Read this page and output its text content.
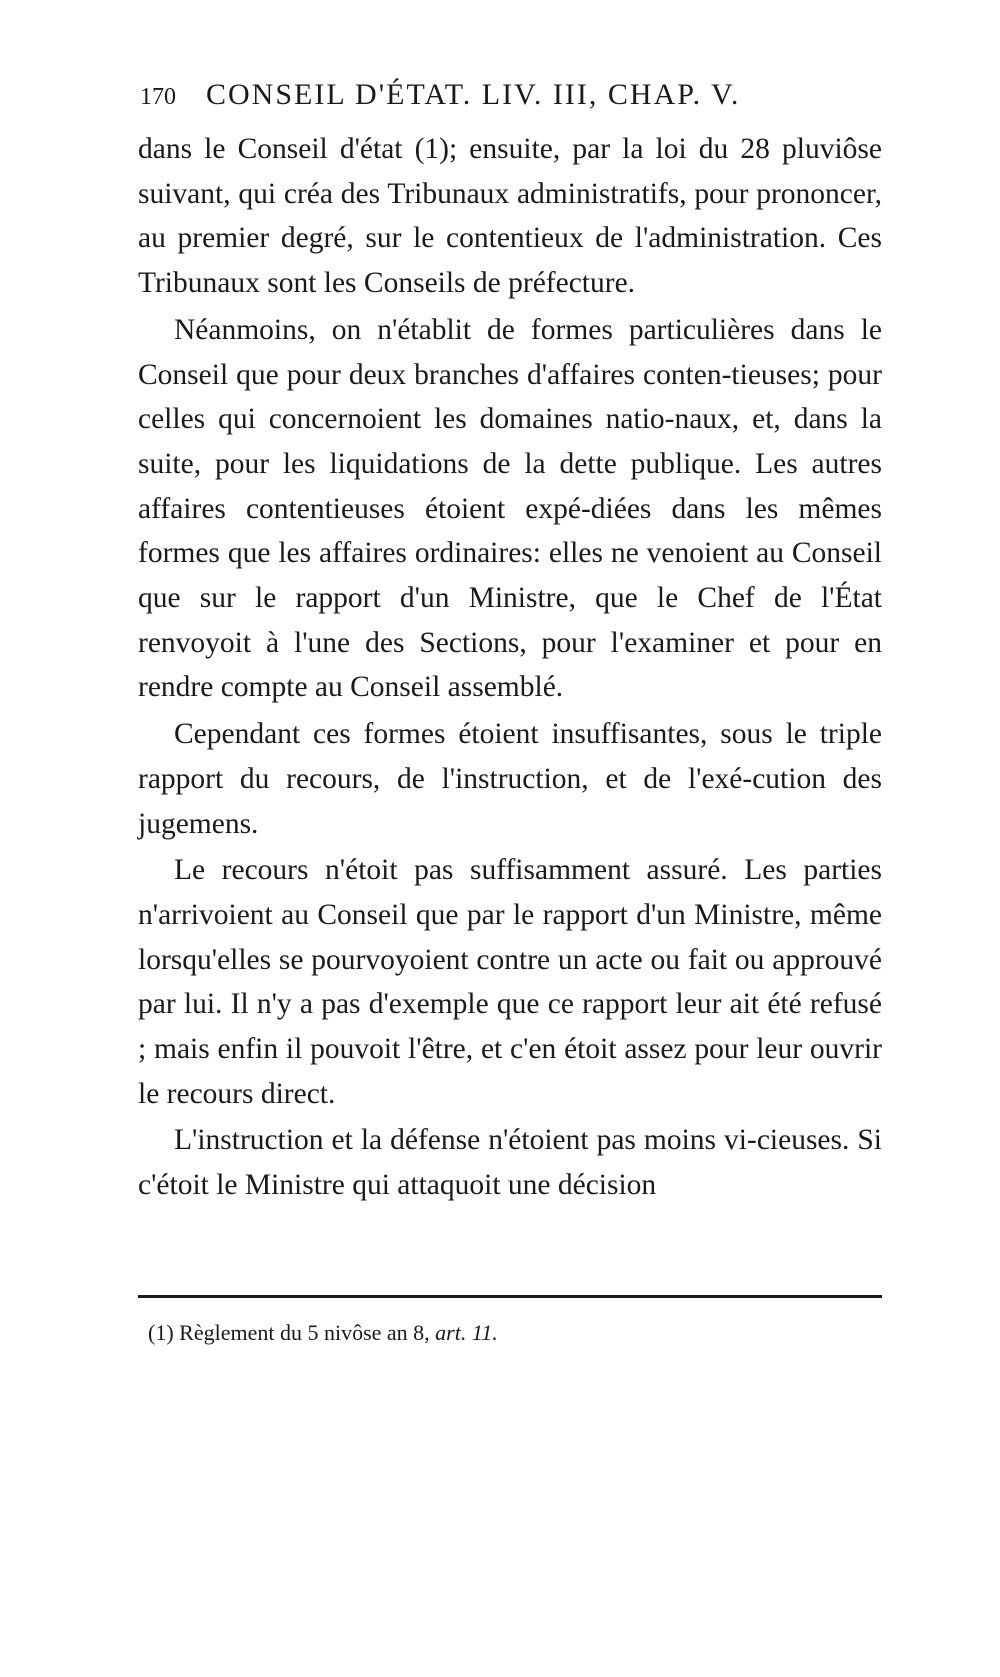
170 CONSEIL D'ÉTAT. LIV. III, CHAP. V.

dans le Conseil d'état (1); ensuite, par la loi du 28 pluviôse suivant, qui créa des Tribunaux administratifs, pour prononcer, au premier degré, sur le contentieux de l'administration. Ces Tribunaux sont les Conseils de préfecture.

Néanmoins, on n'établit de formes particulières dans le Conseil que pour deux branches d'affaires conten-tieuses; pour celles qui concernoient les domaines natio-naux, et, dans la suite, pour les liquidations de la dette publique. Les autres affaires contentieuses étoient expé-diées dans les mêmes formes que les affaires ordinaires: elles ne venoient au Conseil que sur le rapport d'un Ministre, que le Chef de l'État renvoyoit à l'une des Sections, pour l'examiner et pour en rendre compte au Conseil assemblé.

Cependant ces formes étoient insuffisantes, sous le triple rapport du recours, de l'instruction, et de l'exé-cution des jugemens.

Le recours n'étoit pas suffisamment assuré. Les parties n'arrivoient au Conseil que par le rapport d'un Ministre, même lorsqu'elles se pourvoyoient contre un acte ou fait ou approuvé par lui. Il n'y a pas d'exemple que ce rapport leur ait été refusé ; mais enfin il pouvoit l'être, et c'en étoit assez pour leur ouvrir le recours direct.

L'instruction et la défense n'étoient pas moins vi-cieuses. Si c'étoit le Ministre qui attaquoit une décision

(1) Règlement du 5 nivôse an 8, art. 11.
